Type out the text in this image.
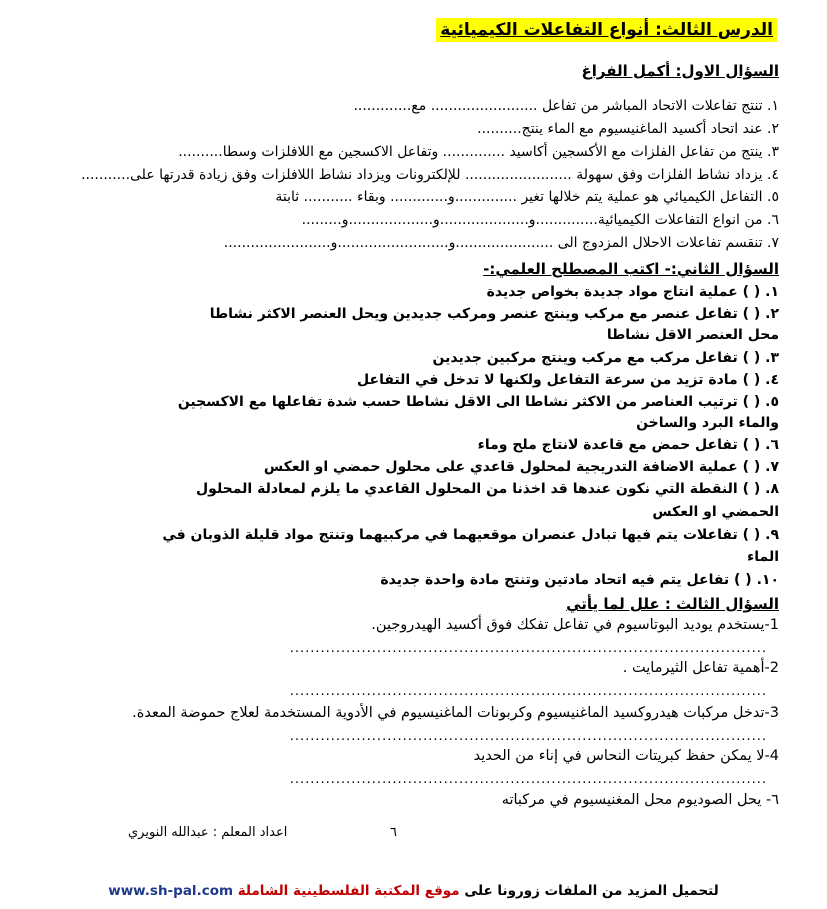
الدرس الثالث: أنواع التفاعلات الكيميائية
السؤال الاول: أكمل الفراغ
١. تنتج تفاعلات الاتحاد المباشر من تفاعل ........................ مع.............
٢. عند اتحاد أكسيد الماغنيسيوم مع الماء ينتج..........
٣. ينتج من تفاعل الفلزات مع الأكسجين أكاسيد .............. وتفاعل الاكسجين مع اللافلزات وسطا..........
٤. يزداد نشاط الفلزات وفق سهولة ........................ للإلكترونات ويزداد نشاط اللافلزات وفق زيادة قدرتها على...........
٥. التفاعل الكيميائي هو عملية يتم خلالها تغير ..............و............. وبقاء ........... ثابتة
٦. من انواع التفاعلات الكيميائية..............و....................و...................و.........
٧. تنقسم تفاعلات الاحلال المزدوج الى ......................و.........................و........................
السؤال الثاني:- اكتب المصطلح العلمي:-
١. ( ) عملية انتاج مواد جديدة بخواص جديدة
٢. ( ) تفاعل عنصر مع مركب وينتج عنصر ومركب جديدين ويحل العنصر الاكثر نشاطا
محل العنصر الاقل نشاطا
٣. ( ) تفاعل مركب مع مركب وينتج مركبين جديدين
٤. ( ) مادة تزيد من سرعة التفاعل ولكنها لا تدخل في التفاعل
٥. ( ) ترتيب العناصر من الاكثر نشاطا الى الاقل نشاطا حسب شدة تفاعلها مع الاكسجين
والماء البرد والساخن
٦. ( ) تفاعل حمض مع قاعدة لانتاج ملح وماء
٧. ( ) عملية الاضافة التدريجية لمحلول قاعدي على محلول حمضي او العكس
٨. ( ) النقطة التي نكون عندها قد اخذنا من المحلول القاعدي ما يلزم لمعادلة المحلول
الحمضي او العكس
٩. ( ) تفاعلات يتم فيها تبادل عنصران موقعيهما في مركبيهما وتنتج مواد قليلة الذوبان في
الماء
١٠. ( ) تفاعل يتم فيه اتحاد مادتين وتنتج مادة واحدة جديدة
السؤال الثالث : علل لما يأتي
1-يستخدم يوديد البوتاسيوم في تفاعل تفكك فوق أكسيد الهيدروجين.
.............................................................................................
2-أهمية تفاعل الثيرمايت .
.............................................................................................
3-تدخل مركبات هيدروكسيد الماغنيسيوم وكربونات الماغنيسيوم في الأدوية المستخدمة لعلاج حموضة المعدة.
.............................................................................................
4-لا يمكن حفظ كبريتات النحاس في إناء من الحديد
.............................................................................................
٦- يحل الصوديوم محل المغنيسيوم في مركباته
٦
اعداد المعلم : عبدالله النويري
لتحميل المزيد من الملفات زورونا على موقع المكتبة الفلسطينية الشاملة www.sh-pal.com
